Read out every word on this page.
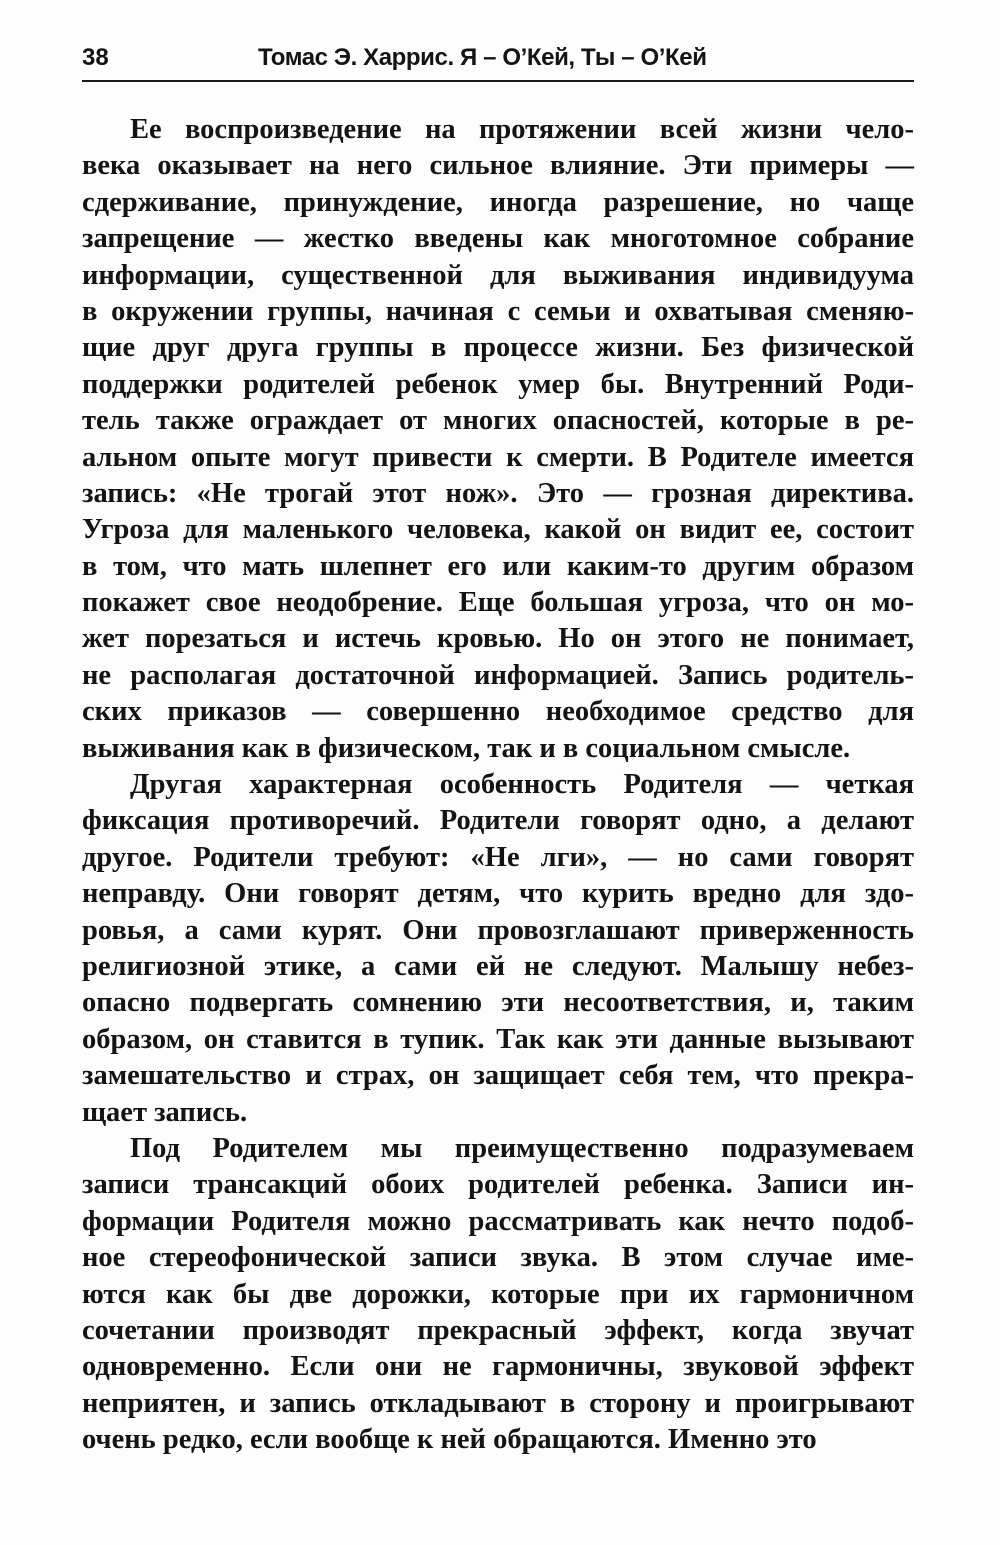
38	Томас Э. Харрис. Я – О’Кей, Ты – О’Кей
Ее воспроизведение на протяжении всей жизни чело-
века оказывает на него сильное влияние. Эти примеры —
сдерживание, принуждение, иногда разрешение, но чаще
запрещение — жестко введены как многотомное собрание
информации, существенной для выживания индивидуума
в окружении группы, начиная с семьи и охватывая сменяю-
щие друг друга группы в процессе жизни. Без физической
поддержки родителей ребенок умер бы. Внутренний Роди-
тель также ограждает от многих опасностей, которые в ре-
альном опыте могут привести к смерти. В Родителе имеется
запись: «Не трогай этот нож». Это — грозная директива.
Угроза для маленького человека, какой он видит ее, состоит
в том, что мать шлепнет его или каким-то другим образом
покажет свое неодобрение. Еще большая угроза, что он мо-
жет порезаться и истечь кровью. Но он этого не понимает,
не располагая достаточной информацией. Запись родитель-
ских приказов — совершенно необходимое средство для
выживания как в физическом, так и в социальном смысле.
Другая характерная особенность Родителя — четкая
фиксация противоречий. Родители говорят одно, а делают
другое. Родители требуют: «Не лги», — но сами говорят
неправду. Они говорят детям, что курить вредно для здо-
ровья, а сами курят. Они провозглашают приверженность
религиозной этике, а сами ей не следуют. Малышу небез-
опасно подвергать сомнению эти несоответствия, и, таким
образом, он ставится в тупик. Так как эти данные вызывают
замешательство и страх, он защищает себя тем, что прекра-
щает запись.
Под Родителем мы преимущественно подразумеваем
записи трансакций обоих родителей ребенка. Записи ин-
формации Родителя можно рассматривать как нечто подоб-
ное стереофонической записи звука. В этом случае име-
ются как бы две дорожки, которые при их гармоничном
сочетании производят прекрасный эффект, когда звучат
одновременно. Если они не гармоничны, звуковой эффект
неприятен, и запись откладывают в сторону и проигрывают
очень редко, если вообще к ней обращаются. Именно это
